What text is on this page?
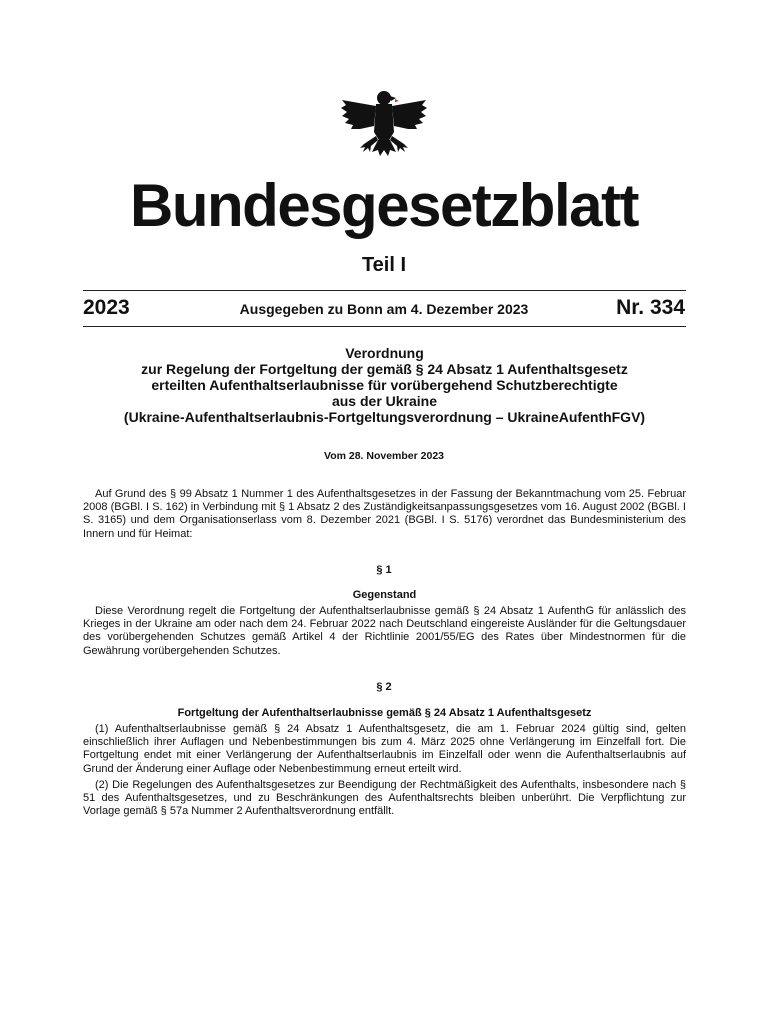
Bundesgesetzblatt
Teil I
2023	Ausgegeben zu Bonn am 4. Dezember 2023	Nr. 334
Verordnung
zur Regelung der Fortgeltung der gemäß § 24 Absatz 1 Aufenthaltsgesetz
erteilten Aufenthaltserlaubnisse für vorübergehend Schutzberechtigte
aus der Ukraine
(Ukraine-Aufenthaltserlaubnis-Fortgeltungsverordnung – UkraineAufenthFGV)
Vom 28. November 2023

Auf Grund des § 99 Absatz 1 Nummer 1 des Aufenthaltsgesetzes in der Fassung der Bekanntmachung vom 25. Februar 2008 (BGBl. I S. 162) in Verbindung mit § 1 Absatz 2 des Zuständigkeitsanpassungsgesetzes vom 16. August 2002 (BGBl. I S. 3165) und dem Organisationserlass vom 8. Dezember 2021 (BGBl. I S. 5176) verordnet das Bundesministerium des Innern und für Heimat:

§ 1
Gegenstand

Diese Verordnung regelt die Fortgeltung der Aufenthaltserlaubnisse gemäß § 24 Absatz 1 AufenthG für anlässlich des Krieges in der Ukraine am oder nach dem 24. Februar 2022 nach Deutschland eingereiste Ausländer für die Geltungsdauer des vorübergehenden Schutzes gemäß Artikel 4 der Richtlinie 2001/55/EG des Rates über Mindestnormen für die Gewährung vorübergehenden Schutzes.

§ 2
Fortgeltung der Aufenthaltserlaubnisse gemäß § 24 Absatz 1 Aufenthaltsgesetz

(1) Aufenthaltserlaubnisse gemäß § 24 Absatz 1 Aufenthaltsgesetz, die am 1. Februar 2024 gültig sind, gelten einschließlich ihrer Auflagen und Nebenbestimmungen bis zum 4. März 2025 ohne Verlängerung im Einzelfall fort. Die Fortgeltung endet mit einer Verlängerung der Aufenthaltserlaubnis im Einzelfall oder wenn die Aufenthaltserlaubnis auf Grund der Änderung einer Auflage oder Nebenbestimmung erneut erteilt wird.

(2) Die Regelungen des Aufenthaltsgesetzes zur Beendigung der Rechtmäßigkeit des Aufenthalts, insbesondere nach § 51 des Aufenthaltsgesetzes, und zu Beschränkungen des Aufenthaltsrechts bleiben unberührt. Die Verpflichtung zur Vorlage gemäß § 57a Nummer 2 Aufenthaltsverordnung entfällt.
